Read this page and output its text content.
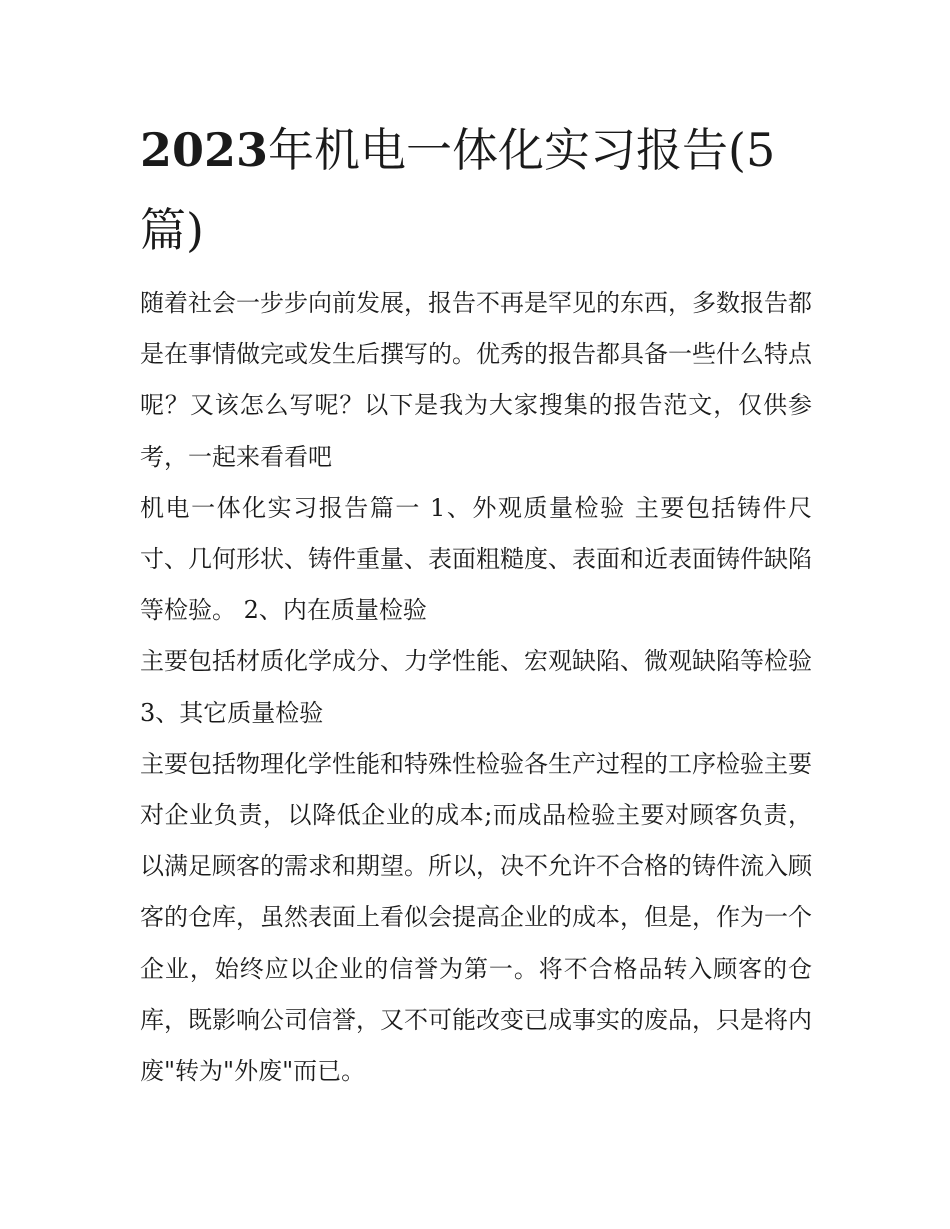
2023年机电一体化实习报告(5篇)

随着社会一步步向前发展，报告不再是罕见的东西，多数报告都是在事情做完或发生后撰写的。优秀的报告都具备一些什么特点呢？又该怎么写呢？以下是我为大家搜集的报告范文，仅供参考，一起来看看吧

机电一体化实习报告篇一 1、外观质量检验 主要包括铸件尺寸、几何形状、铸件重量、表面粗糙度、表面和近表面铸件缺陷等检验。 2、内在质量检验

主要包括材质化学成分、力学性能、宏观缺陷、微观缺陷等检验 3、其它质量检验

主要包括物理化学性能和特殊性检验各生产过程的工序检验主要对企业负责，以降低企业的成本;而成品检验主要对顾客负责，以满足顾客的需求和期望。所以，决不允许不合格的铸件流入顾客的仓库，虽然表面上看似会提高企业的成本，但是，作为一个企业，始终应以企业的信誉为第一。将不合格品转入顾客的仓库，既影响公司信誉，又不可能改变已成事实的废品，只是将内废"转为"外废"而已。
